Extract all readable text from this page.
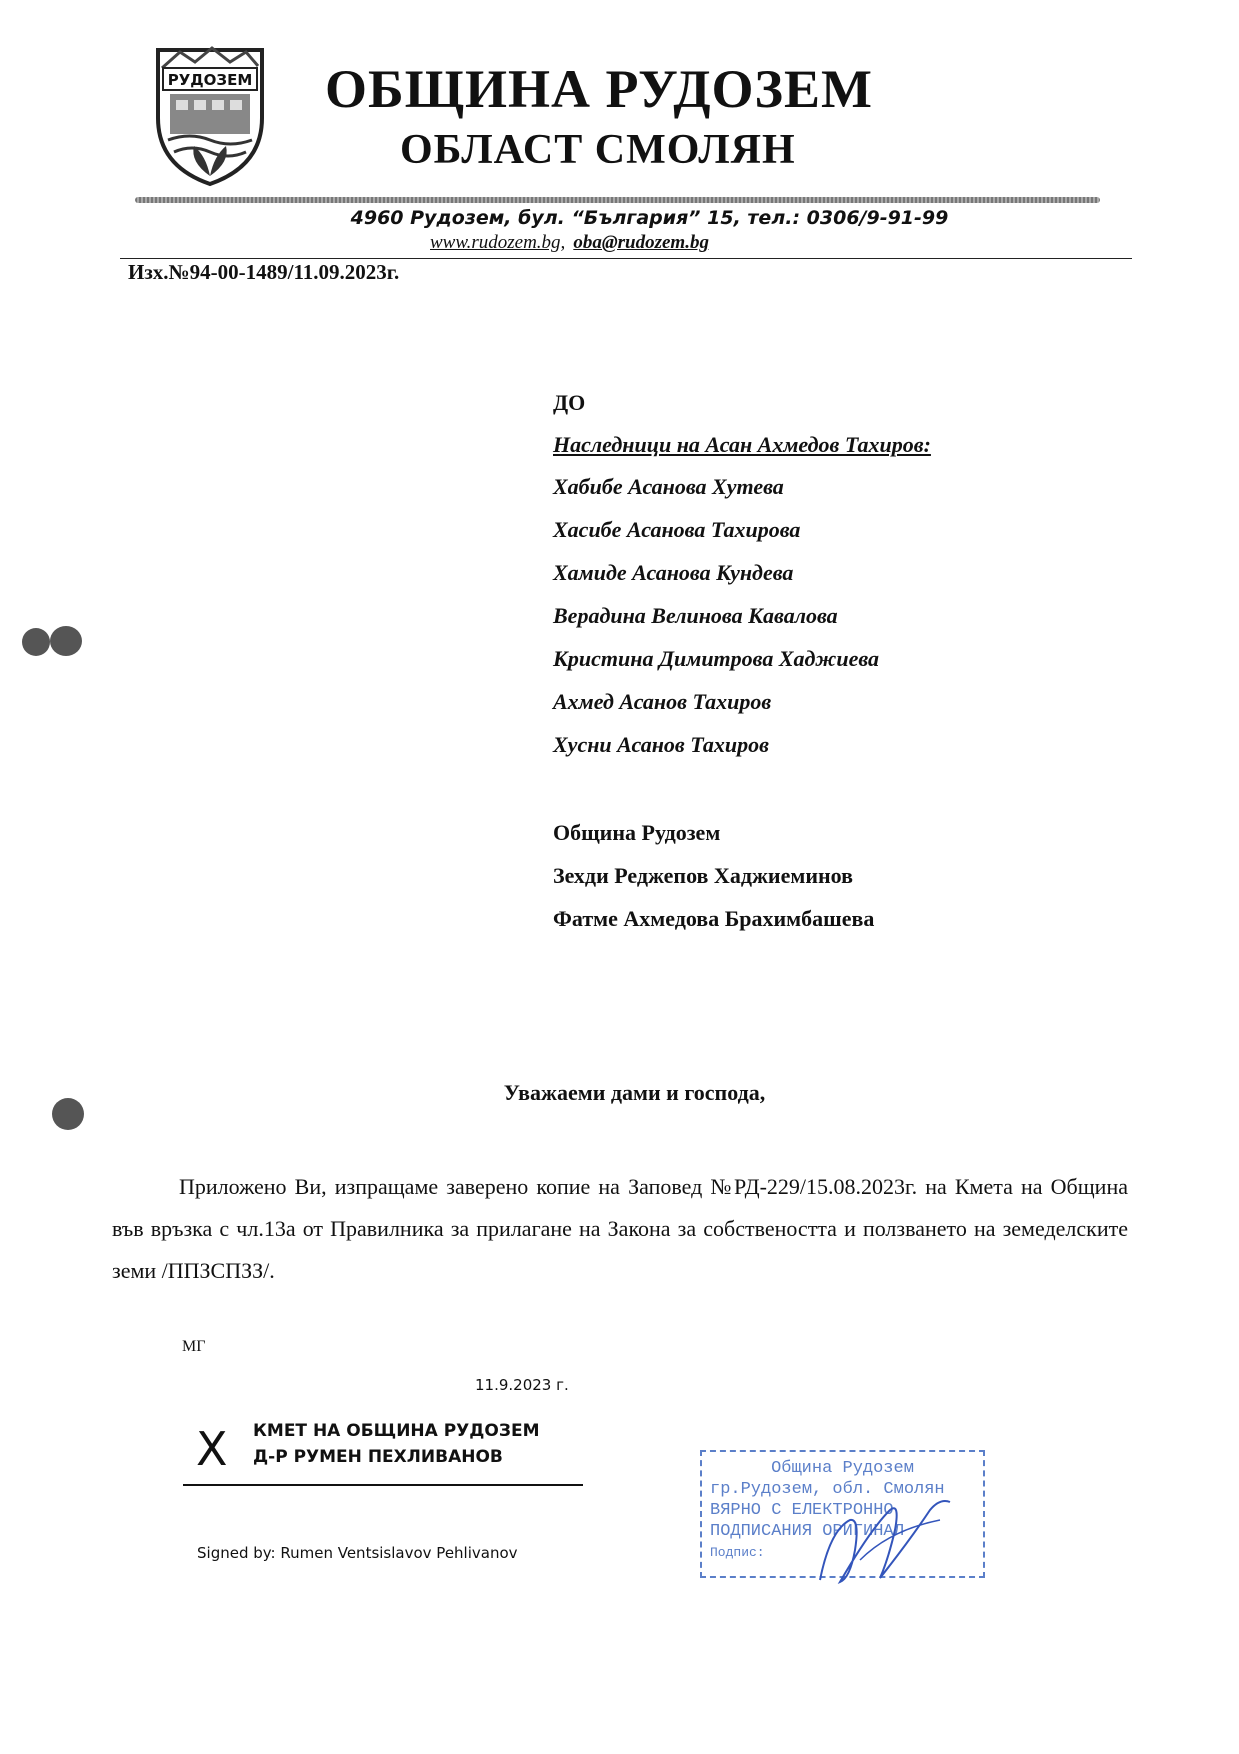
РУДОЗЕМ ОБЩИНА РУДОЗЕМ
ОБЛАСТ СМОЛЯН
4960 Рудозем, бул. “България” 15, тел.: 0306/9-91-99
www.rudozem.bg, oba@rudozem.bg
Изх.№94-00-1489/11.09.2023г.
ДО
Наследници на Асан Ахмедов Тахиров:
Хабибе Асанова Хутева
Хасибе Асанова Тахирова
Хамиде Асанова Кундева
Верадина Велинова Кавалова
Кристина Димитрова Хаджиева
Ахмед Асанов Тахиров
Хусни Асанов Тахиров
Община Рудозем
Зехди Реджепов Хаджиеминов
Фатме Ахмедова Брахимбашева
Уважаеми дами и господа,
Приложено Ви, изпращаме заверено копие на Заповед №РД-229/15.08.2023г. на Кмета на Община във връзка с чл.13а от Правилника за прилагане на Закона за собствеността и ползването на земеделските земи /ППЗСПЗЗ/.
МГ
11.9.2023 г.
X КМЕТ НА ОБЩИНА РУДОЗЕМ
Д-Р РУМЕН ПЕХЛИВАНОВ
Signed by: Rumen Ventsislavov Pehlivanov
Община Рудозем
гр.Рудозем, обл. Смолян
ВЯРНО С ЕЛЕКТРОННО
ПОДПИСАНИЯ ОРИГИНАЛ
Подпис:
